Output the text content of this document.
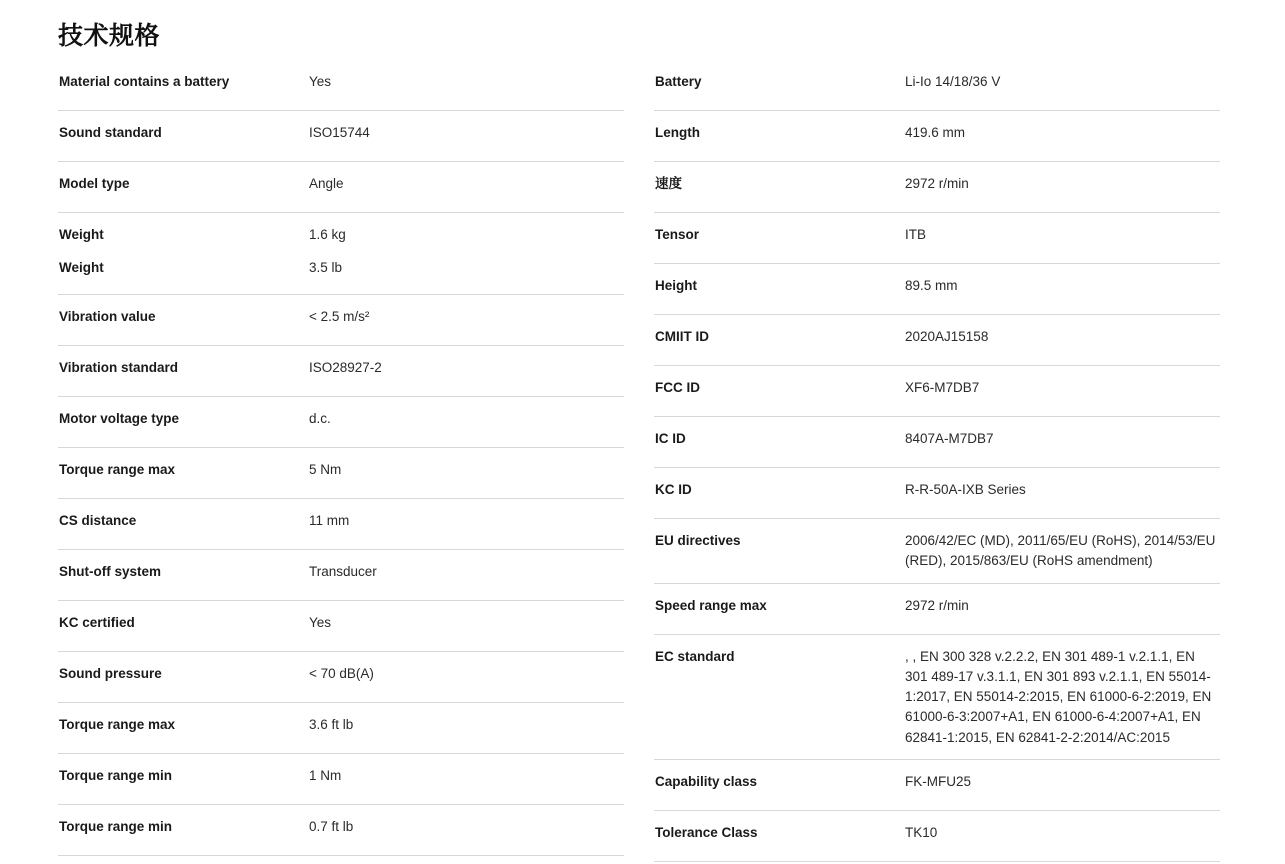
技术规格
Material contains a battery	Yes
Sound standard	ISO15744
Model type	Angle
Weight	1.6 kg
Weight	3.5 lb
Vibration value	< 2.5 m/s²
Vibration standard	ISO28927-2
Motor voltage type	d.c.
Torque range max	5 Nm
CS distance	11 mm
Shut-off system	Transducer
KC certified	Yes
Sound pressure	< 70 dB(A)
Torque range max	3.6 ft lb
Torque range min	1 Nm
Torque range min	0.7 ft lb
Battery	Li-Io 14/18/36 V
Length	419.6 mm
速度	2972 r/min
Tensor	ITB
Height	89.5 mm
CMIIT ID	2020AJ15158
FCC ID	XF6-M7DB7
IC ID	8407A-M7DB7
KC ID	R-R-50A-IXB Series
EU directives	2006/42/EC (MD), 2011/65/EU (RoHS), 2014/53/EU (RED), 2015/863/EU (RoHS amendment)
Speed range max	2972 r/min
EC standard	, , EN 300 328 v.2.2.2, EN 301 489-1 v.2.1.1, EN 301 489-17 v.3.1.1, EN 301 893 v.2.1.1, EN 55014-1:2017, EN 55014-2:2015, EN 61000-6-2:2019, EN 61000-6-3:2007+A1, EN 61000-6-4:2007+A1, EN 62841-1:2015, EN 62841-2-2:2014/AC:2015
Capability class	FK-MFU25
Tolerance Class	TK10
